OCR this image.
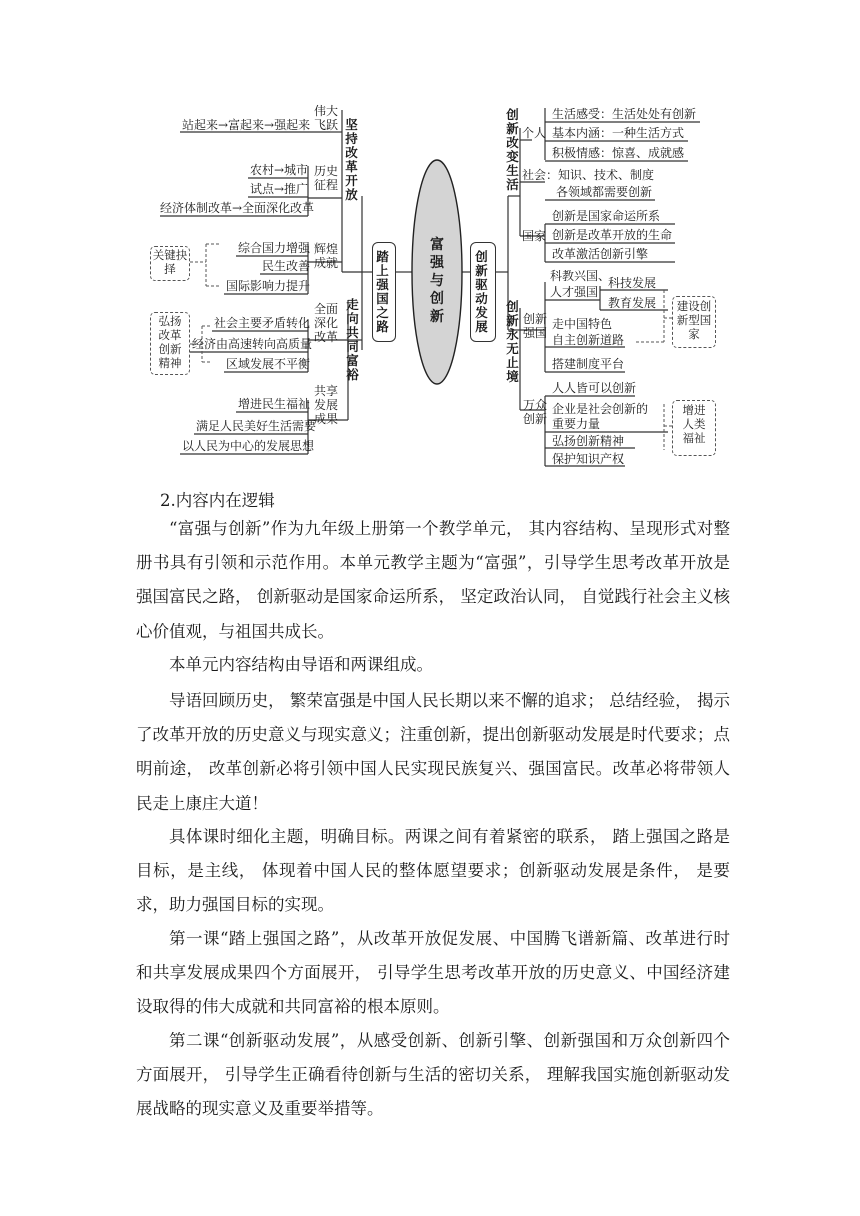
富强与创新
踏上强国之路
创新驱动发展
坚持改革开放
走向共同富裕
伟大飞跃
站起来→富起来→强起来
历史征程
农村→城市
试点→推广
经济体制改革→全面深化改革
辉煌成就
综合国力增强
民生改善
国际影响力提升
关键抉择
全面深化改革
社会主要矛盾转化
经济由高速转向高质量
区域发展不平衡
弘扬改革创新精神
共享发展成果
增进民生福祉
满足人民美好生活需要
以人民为中心的发展思想
创新改变生活
创新永无止境
个人
生活感受：生活处处有创新
基本内涵：一种生活方式
积极情感：惊喜、成就感
社会：知识、技术、制度
各领域都需要创新
国家
创新是国家命运所系
创新是改革开放的生命
改革激活创新引擎
创新强国
科教兴国、
人才强国
科技发展
教育发展
走中国特色
自主创新道路
搭建制度平台
建设创新型国家
万众创新
人人皆可以创新
企业是社会创新的
重要力量
弘扬创新精神
保护知识产权
增进人类福祉

2.内容内在逻辑

“富强与创新”作为九年级上册第一个教学单元， 其内容结构、呈现形式对整册书具有引领和示范作用。本单元教学主题为“富强”，引导学生思考改革开放是强国富民之路， 创新驱动是国家命运所系， 坚定政治认同， 自觉践行社会主义核心价值观，与祖国共成长。

本单元内容结构由导语和两课组成。

导语回顾历史， 繁荣富强是中国人民长期以来不懈的追求； 总结经验， 揭示了改革开放的历史意义与现实意义；注重创新，提出创新驱动发展是时代要求；点明前途， 改革创新必将引领中国人民实现民族复兴、强国富民。改革必将带领人民走上康庄大道！

具体课时细化主题，明确目标。两课之间有着紧密的联系， 踏上强国之路是目标，是主线， 体现着中国人民的整体愿望要求；创新驱动发展是条件， 是要求，助力强国目标的实现。

第一课“踏上强国之路”，从改革开放促发展、中国腾飞谱新篇、改革进行时和共享发展成果四个方面展开， 引导学生思考改革开放的历史意义、中国经济建设取得的伟大成就和共同富裕的根本原则。

第二课“创新驱动发展”，从感受创新、创新引擎、创新强国和万众创新四个方面展开， 引导学生正确看待创新与生活的密切关系， 理解我国实施创新驱动发展战略的现实意义及重要举措等。
